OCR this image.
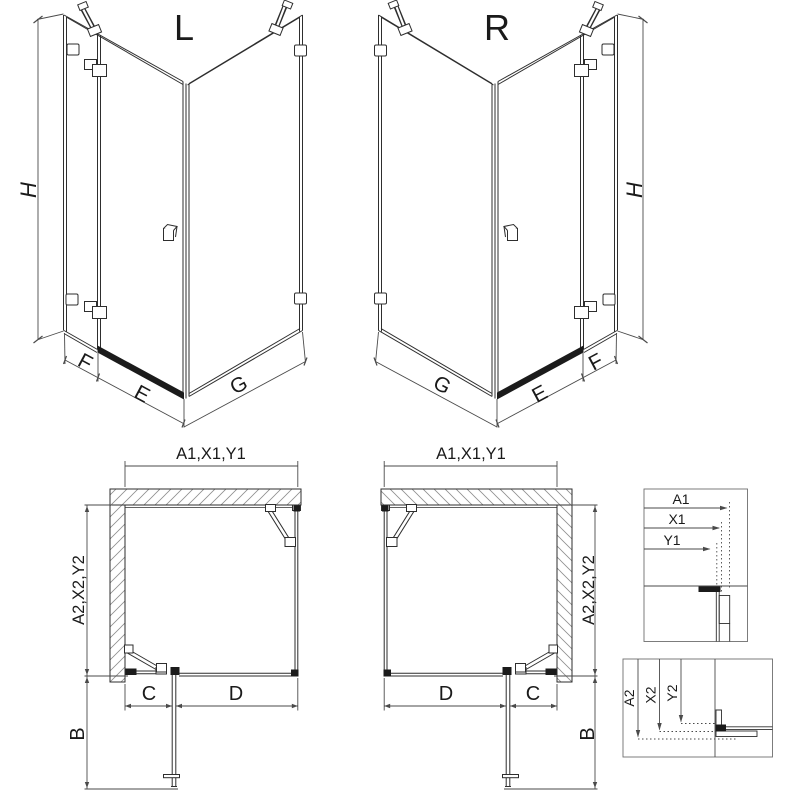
L	R
H	H
F
E	G
F
E
G
A1,X1,Y1	A1,X1,Y1
A2,X2,Y2	A2,X2,Y2
B	B
C	D	D	C
A1
X1
Y1
A2 X2 Y2
